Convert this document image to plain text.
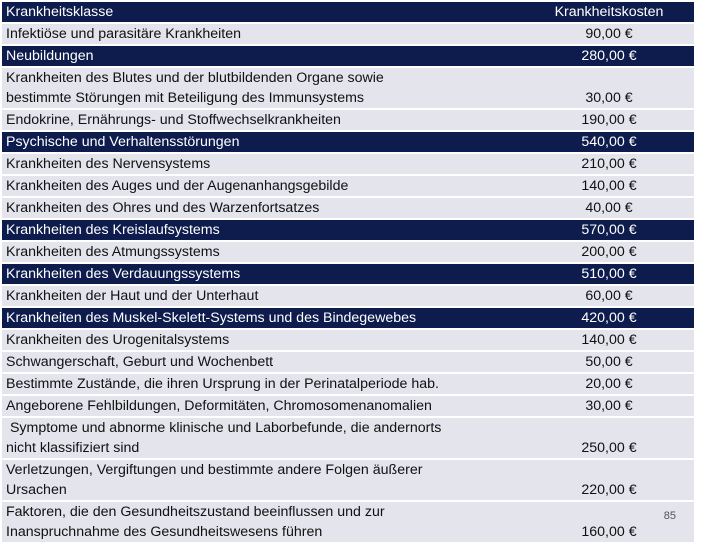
Krankheitsklasse	Krankheitskosten
Infektiöse und parasitäre Krankheiten	90,00 €
Neubildungen	280,00 €
Krankheiten des Blutes und der blutbildenden Organe sowie
bestimmte Störungen mit Beteiligung des Immunsystems	30,00 €
Endokrine, Ernährungs- und Stoffwechselkrankheiten	190,00 €
Psychische und Verhaltensstörungen	540,00 €
Krankheiten des Nervensystems	210,00 €
Krankheiten des Auges und der Augenanhangsgebilde	140,00 €
Krankheiten des Ohres und des Warzenfortsatzes	40,00 €
Krankheiten des Kreislaufsystems	570,00 €
Krankheiten des Atmungssystems	200,00 €
Krankheiten des Verdauungssystems	510,00 €
Krankheiten der Haut und der Unterhaut	60,00 €
Krankheiten des Muskel-Skelett-Systems und des Bindegewebes	420,00 €
Krankheiten des Urogenitalsystems	140,00 €
Schwangerschaft, Geburt und Wochenbett	50,00 €
Bestimmte Zustände, die ihren Ursprung in der Perinatalperiode hab.	20,00 €
Angeborene Fehlbildungen, Deformitäten, Chromosomenanomalien	30,00 €
Symptome und abnorme klinische und Laborbefunde, die andernorts
nicht klassifiziert sind	250,00 €
Verletzungen, Vergiftungen und bestimmte andere Folgen äußerer
Ursachen	220,00 €
Faktoren, die den Gesundheitszustand beeinflussen und zur
Inanspruchnahme des Gesundheitswesens führen	160,00 €
85
